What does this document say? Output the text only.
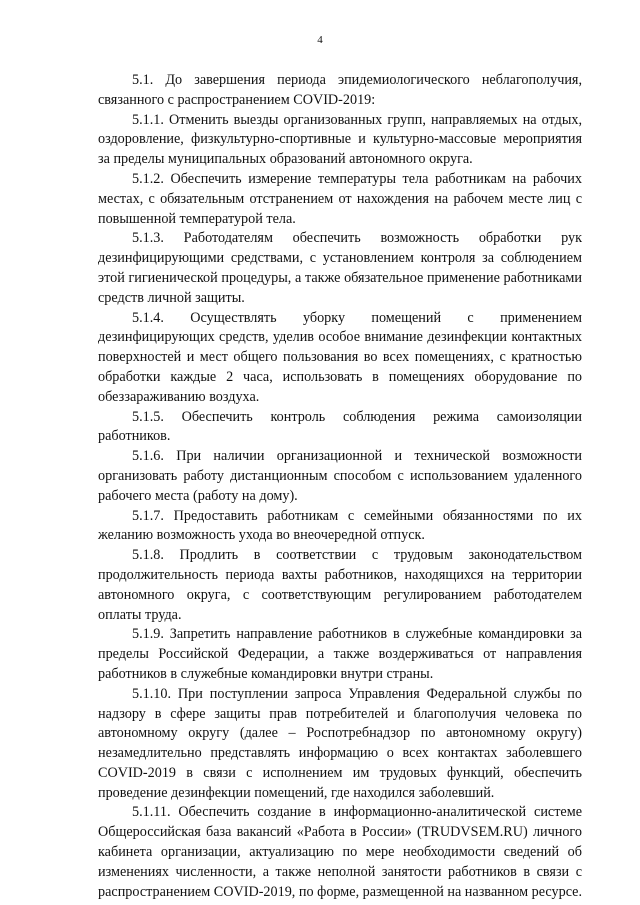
4

5.1. До завершения периода эпидемиологического неблагополучия, связанного с распространением COVID-2019:

5.1.1. Отменить выезды организованных групп, направляемых на отдых, оздоровление, физкультурно-спортивные и культурно-массовые мероприятия за пределы муниципальных образований автономного округа.

5.1.2. Обеспечить измерение температуры тела работникам на рабочих местах, с обязательным отстранением от нахождения на рабочем месте лиц с повышенной температурой тела.

5.1.3. Работодателям обеспечить возможность обработки рук дезинфицирующими средствами, с установлением контроля за соблюдением этой гигиенической процедуры, а также обязательное применение работниками средств личной защиты.

5.1.4. Осуществлять уборку помещений с применением дезинфицирующих средств, уделив особое внимание дезинфекции контактных поверхностей и мест общего пользования во всех помещениях, с кратностью обработки каждые 2 часа, использовать в помещениях оборудование по обеззараживанию воздуха.

5.1.5. Обеспечить контроль соблюдения режима самоизоляции работников.

5.1.6. При наличии организационной и технической возможности организовать работу дистанционным способом с использованием удаленного рабочего места (работу на дому).

5.1.7. Предоставить работникам с семейными обязанностями по их желанию возможность ухода во внеочередной отпуск.

5.1.8. Продлить в соответствии с трудовым законодательством продолжительность периода вахты работников, находящихся на территории автономного округа, с соответствующим регулированием работодателем оплаты труда.

5.1.9. Запретить направление работников в служебные командировки за пределы Российской Федерации, а также воздерживаться от направления работников в служебные командировки внутри страны.

5.1.10. При поступлении запроса Управления Федеральной службы по надзору в сфере защиты прав потребителей и благополучия человека по автономному округу (далее – Роспотребнадзор по автономному округу) незамедлительно представлять информацию о всех контактах заболевшего COVID-2019 в связи с исполнением им трудовых функций, обеспечить проведение дезинфекции помещений, где находился заболевший.

5.1.11. Обеспечить создание в информационно-аналитической системе Общероссийская база вакансий «Работа в России» (TRUDVSEM.RU) личного кабинета организации, актуализацию по мере необходимости сведений об изменениях численности, а также неполной занятости работников в связи с распространением COVID-2019, по форме, размещенной на названном ресурсе.
